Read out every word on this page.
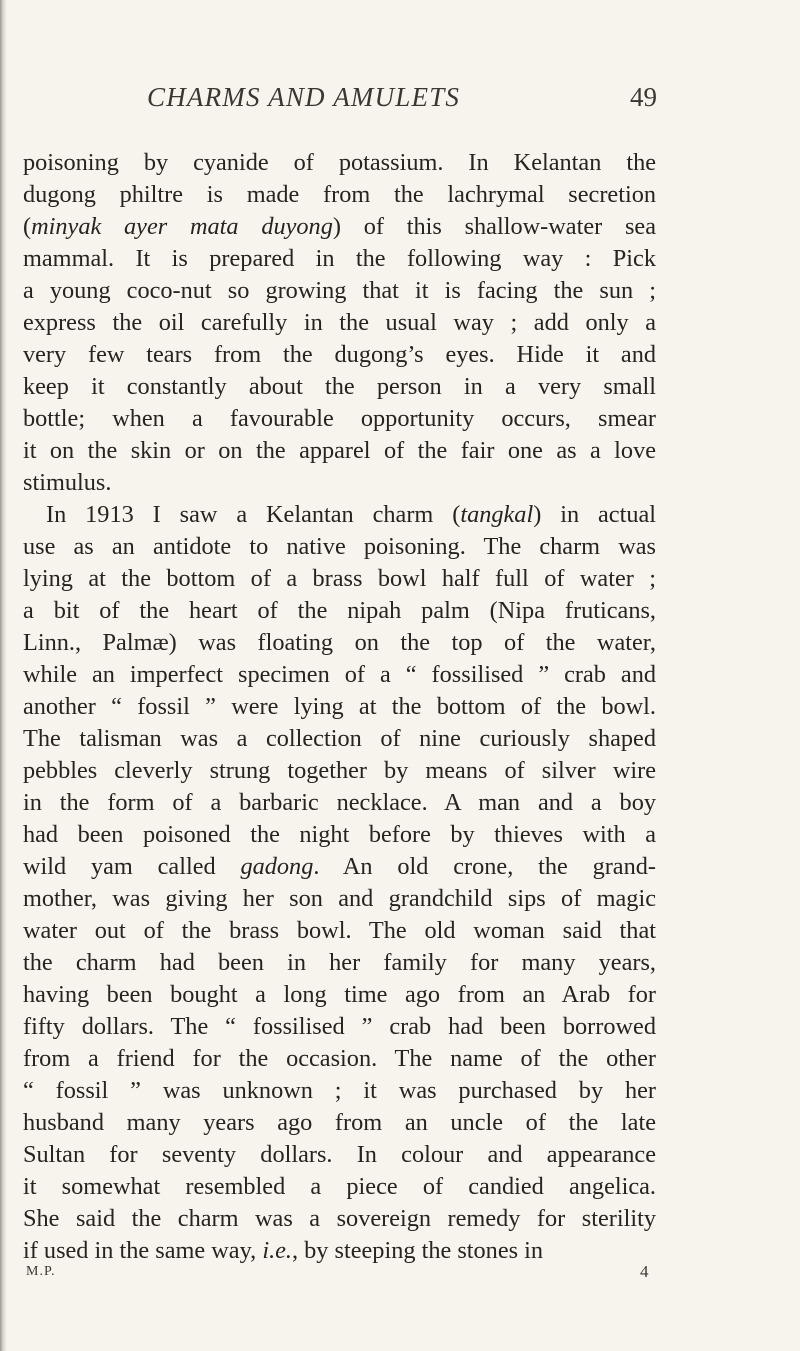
CHARMS AND AMULETS	49
poisoning by cyanide of potassium. In Kelantan the
dugong philtre is made from the lachrymal secretion
(minyak ayer mata duyong) of this shallow-water sea
mammal. It is prepared in the following way : Pick
a young coco-nut so growing that it is facing the sun ;
express the oil carefully in the usual way ; add only a
very few tears from the dugong’s eyes. Hide it and
keep it constantly about the person in a very small
bottle; when a favourable opportunity occurs, smear
it on the skin or on the apparel of the fair one as a love
stimulus.
In 1913 I saw a Kelantan charm (tangkal) in actual
use as an antidote to native poisoning. The charm was
lying at the bottom of a brass bowl half full of water ;
a bit of the heart of the nipah palm (Nipa fruticans,
Linn., Palmæ) was floating on the top of the water,
while an imperfect specimen of a “ fossilised ” crab and
another “ fossil ” were lying at the bottom of the bowl.
The talisman was a collection of nine curiously shaped
pebbles cleverly strung together by means of silver wire
in the form of a barbaric necklace. A man and a boy
had been poisoned the night before by thieves with a
wild yam called gadong. An old crone, the grand-
mother, was giving her son and grandchild sips of magic
water out of the brass bowl. The old woman said that
the charm had been in her family for many years,
having been bought a long time ago from an Arab for
fifty dollars. The “ fossilised ” crab had been borrowed
from a friend for the occasion. The name of the other
“ fossil ” was unknown ; it was purchased by her
husband many years ago from an uncle of the late
Sultan for seventy dollars. In colour and appearance
it somewhat resembled a piece of candied angelica.
She said the charm was a sovereign remedy for sterility
if used in the same way, i.e., by steeping the stones in
M.P.	4
